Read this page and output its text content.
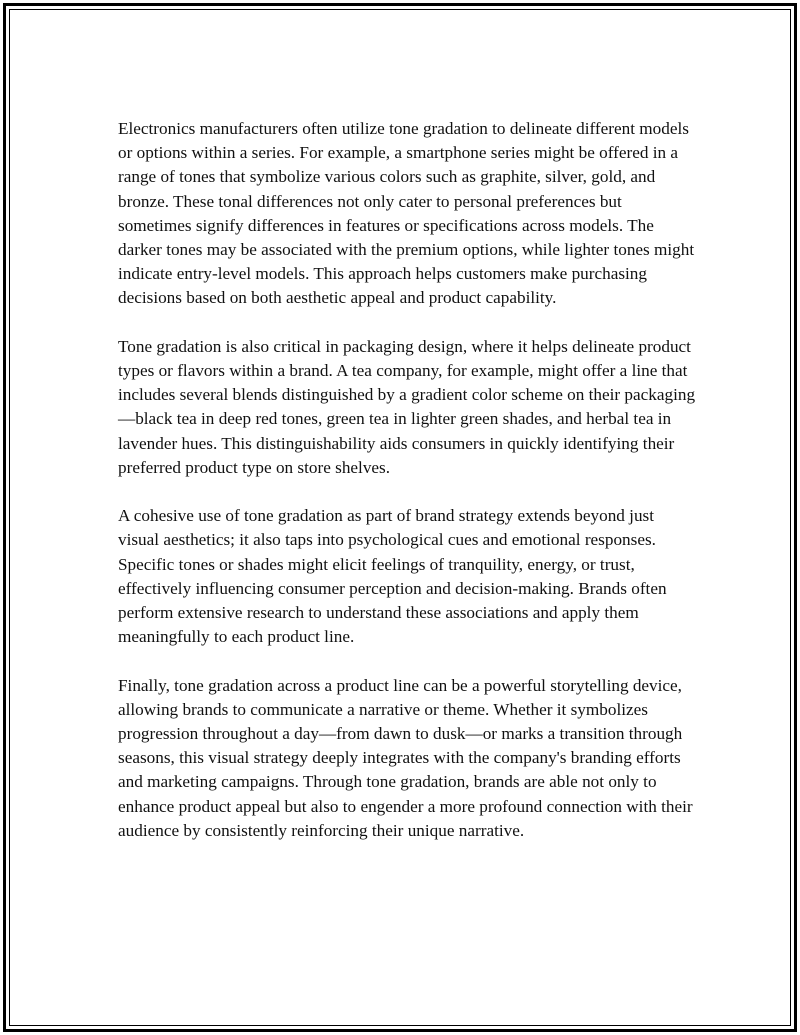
Electronics manufacturers often utilize tone gradation to delineate different models or options within a series. For example, a smartphone series might be offered in a range of tones that symbolize various colors such as graphite, silver, gold, and bronze. These tonal differences not only cater to personal preferences but sometimes signify differences in features or specifications across models. The darker tones may be associated with the premium options, while lighter tones might indicate entry-level models. This approach helps customers make purchasing decisions based on both aesthetic appeal and product capability.

Tone gradation is also critical in packaging design, where it helps delineate product types or flavors within a brand. A tea company, for example, might offer a line that includes several blends distinguished by a gradient color scheme on their packaging—black tea in deep red tones, green tea in lighter green shades, and herbal tea in lavender hues. This distinguishability aids consumers in quickly identifying their preferred product type on store shelves.

A cohesive use of tone gradation as part of brand strategy extends beyond just visual aesthetics; it also taps into psychological cues and emotional responses. Specific tones or shades might elicit feelings of tranquility, energy, or trust, effectively influencing consumer perception and decision-making. Brands often perform extensive research to understand these associations and apply them meaningfully to each product line.

Finally, tone gradation across a product line can be a powerful storytelling device, allowing brands to communicate a narrative or theme. Whether it symbolizes progression throughout a day—from dawn to dusk—or marks a transition through seasons, this visual strategy deeply integrates with the company's branding efforts and marketing campaigns. Through tone gradation, brands are able not only to enhance product appeal but also to engender a more profound connection with their audience by consistently reinforcing their unique narrative.
